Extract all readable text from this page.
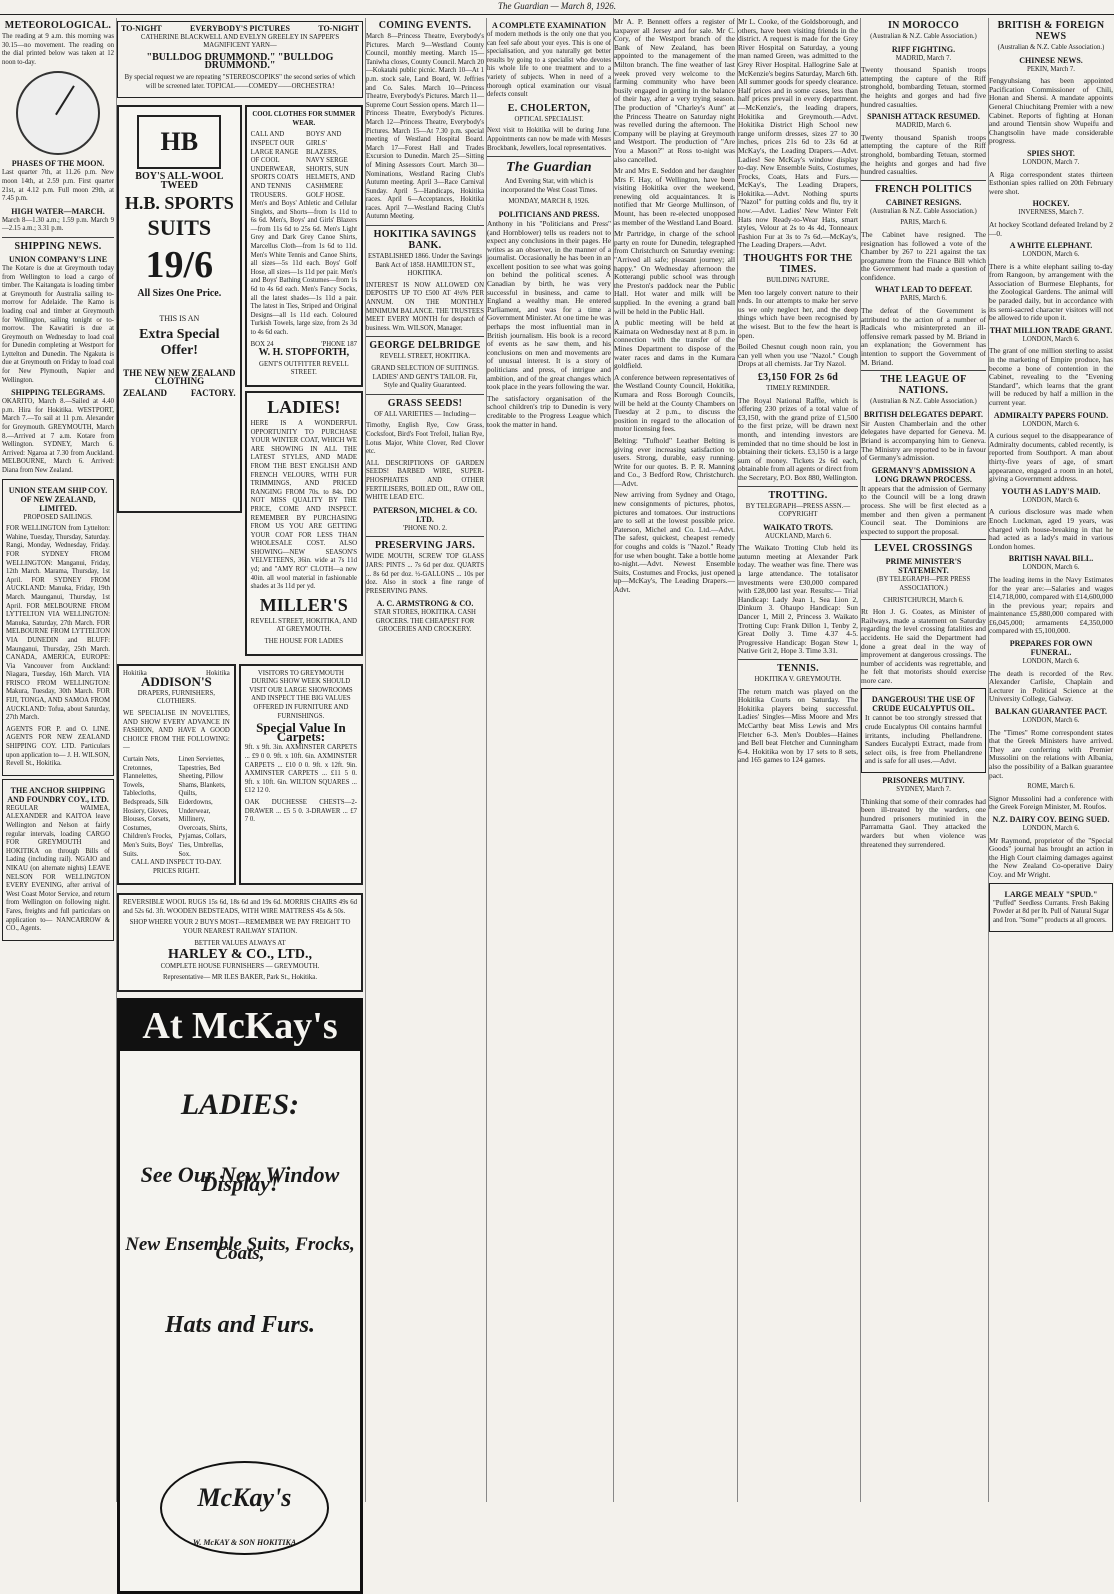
The Guardian — March 8, 1926.
METEOROLOGICAL.

The reading at 9 a.m. this morning was 30.15—no movement. The reading on the dial printed below was taken at 12 noon to-day.

PHASES OF THE MOON.

Last quarter 7th, at 11.26 p.m. New moon 14th, at 2.59 p.m. First quarter 21st, at 4.12 p.m. Full moon 29th, at 7.45 p.m.

HIGH WATER—MARCH.

March 8—1.30 a.m.; 1.59 p.m. March 9—2.15 a.m.; 3.31 p.m.

SHIPPING NEWS.
UNION COMPANY'S LINE

The Kotare is due at Greymouth today from Wellington to load a cargo of timber. The Kaitangata is loading timber at Greymouth for Australia sailing to-morrow for Adelaide. The Kamo is loading coal and timber at Greymouth for Wellington, sailing tonight or to-morrow. The Kawatiri is due at Greymouth on Wednesday to load coal for Dunedin completing at Westport for Lyttelton and Dunedin. The Ngakuta is due at Greymouth on Friday to load coal for New Plymouth, Napier and Wellington.

SHIPPING TELEGRAMS.

OKARITO, March 8.—Sailed at 4.40 p.m. Hira for Hokitika. WESTPORT, March 7.—To sail at 11 p.m. Alexander for Greymouth. GREYMOUTH, March 8.—Arrived at 7 a.m. Kotare from Wellington. SYDNEY, March 6. Arrived: Ngaroa at 7.30 from Auckland. MELBOURNE, March 6. Arrived: Diana from New Zealand.

UNION STEAM SHIP COY. OF NEW ZEALAND, LIMITED.

PROPOSED SAILINGS.

FOR WELLINGTON from Lyttelton: Wahine, Tuesday, Thursday, Saturday. Rangi, Monday, Wednesday, Friday. FOR SYDNEY FROM WELLINGTON: Manganui, Friday, 12th March. Marama, Thursday, 1st April. FOR SYDNEY FROM AUCKLAND: Manuka, Friday, 19th March. Maunganui, Thursday, 1st April. FOR MELBOURNE FROM LYTTELTON VIA WELLINGTON: Manuka, Saturday, 27th March. FOR MELBOURNE FROM LYTTELTON VIA DUNEDIN and BLUFF: Maunganui, Thursday, 25th March. CANADA, AMERICA, EUROPE: Via Vancouver from Auckland: Niagara, Tuesday, 16th March. VIA FRISCO FROM WELLINGTON: Makura, Tuesday, 30th March. FOR FIJI, TONGA, AND SAMOA FROM AUCKLAND: Tofua, about Saturday, 27th March.

AGENTS FOR P. and O. LINE. AGENTS FOR NEW ZEALAND SHIPPING COY. LTD. Particulars upon application to— J. H. WILSON, Revell St., Hokitika.

THE ANCHOR SHIPPING AND FOUNDRY COY., LTD.

REGULAR WAIMEA, ALEXANDER and KAITOA leave Wellington and Nelson at fairly regular intervals, loading CARGO FOR GREYMOUTH and HOKITIKA on through Bills of Lading (including rail). NGAIO and NIKAU (on alternate nights) LEAVE NELSON FOR WELLINGTON EVERY EVENING, after arrival of West Coast Motor Service, and return from Wellington on following night. Fares, freights and full particulars on application to— NANCARROW & CO., Agents.

TO-NIGHT	EVERYBODY'S PICTURES	TO-NIGHT

CATHERINE BLACKWELL AND EVELYN GREELEY IN SAPPER'S MAGNIFICENT YARN—

"BULLDOG DRUMMOND." "BULLDOG DRUMMOND."

By special request we are repeating "STEREOSCOPIKS" the second series of which will be screened later. TOPICAL——COMEDY——ORCHESTRA!

HB

BOY'S ALL-WOOL TWEED

H.B. SPORTS

SUITS

19/6

All Sizes One Price.

THIS IS AN

Extra Special Offer!

THE NEW NEW ZEALAND CLOTHING

ZEALAND	FACTORY.

COOL CLOTHES FOR SUMMER WEAR.

CALL AND INSPECT OUR LARGE RANGE OF COOL UNDERWEAR, SPORTS COATS AND TENNIS TROUSERS.
BOYS' AND GIRLS' BLAZERS, NAVY SERGE SHORTS, SUN HELMETS, AND CASHMERE GOLF HOSE.

Men's and Boys' Athletic and Cellular Singlets, and Shorts—from 1s 11d to 6s 6d. Men's, Boys' and Girls' Blazers—from 11s 6d to 25s 6d. Men's Light Grey and Dark Grey Canoe Shirts, Marcellus Cloth—from 1s 6d to 11d. Men's White Tennis and Canoe Shirts, all sizes—5s 11d each. Boys' Golf Hose, all sizes—1s 11d per pair. Men's and Boys' Bathing Costumes—from 1s 6d to 4s 6d each. Men's Fancy Socks, all the latest shades—1s 11d a pair. The latest in Ties, Striped and Original Designs—all 1s 11d each. Coloured Turkish Towels, large size, from 2s 3d to 4s 6d each.

BOX 24	'PHONE 187

W. H. STOPFORTH,

GENT'S OUTFITTER REVELL STREET.

LADIES!

HERE IS A WONDERFUL OPPORTUNITY TO PURCHASE YOUR WINTER COAT, WHICH WE ARE SHOWING IN ALL THE LATEST STYLES, AND MADE FROM THE BEST ENGLISH AND FRENCH VELOURS, WITH FUR TRIMMINGS, AND PRICED RANGING FROM 70s. to 84s. DO NOT MISS QUALITY BY THE PRICE, COME AND INSPECT. REMEMBER BY PURCHASING FROM US YOU ARE GETTING YOUR COAT FOR LESS THAN WHOLESALE COST. ALSO SHOWING—NEW SEASON'S VELVETEENS, 36in. wide at 7s 11d yd; and "AMY RO" CLOTH—a new 40in. all wool material in fashionable shades at 3s 11d per yd.

MILLER'S

REVELL STREET, HOKITIKA, AND AT GREYMOUTH.

THE HOUSE FOR LADIES

Hokitika	Hokitika

ADDISON'S

DRAPERS, FURNISHERS, CLOTHIERS.

WE SPECIALISE IN NOVELTIES, AND SHOW EVERY ADVANCE IN FASHION, AND HAVE A GOOD CHOICE FROM THE FOLLOWING:—

Curtain Nets, Cretonnes, Flannelettes, Towels, Tablecloths, Bedspreads, Silk Hosiery, Gloves, Blouses, Corsets, Costumes, Children's Frocks, Men's Suits, Boys' Suits.
Linen Serviettes, Tapestries, Bed Sheeting, Pillow Shams, Blankets, Quilts, Eiderdowns, Underwear, Millinery, Overcoats, Shirts, Pyjamas, Collars, Ties, Umbrellas, Sox.

CALL AND INSPECT TO-DAY. PRICES RIGHT.

VISITORS TO GREYMOUTH DURING SHOW WEEK SHOULD VISIT OUR LARGE SHOWROOMS AND INSPECT THE BIG VALUES OFFERED IN FURNITURE AND FURNISHINGS.

Special Value In Carpets:

9ft. x 9ft. 3in. AXMINSTER CARPETS ... £9 0 0. 9ft. x 10ft. 6in. AXMINSTER CARPETS ... £10 0 0. 9ft. x 12ft. 9in. AXMINSTER CARPETS ... £11 5 0. 9ft. x 10ft. 6in. WILTON SQUARES ... £12 12 0.

OAK DUCHESSE CHESTS—2-DRAWER ... £5 5 0. 3-DRAWER ... £7 7 0.

REVERSIBLE WOOL RUGS 15s 6d, 18s 6d and 19s 6d. MORRIS CHAIRS 49s 6d and 52s 6d. 3ft. WOODEN BEDSTEADS, WITH WIRE MATTRESS 45s & 50s.

SHOP WHERE YOUR 2 BUYS MOST—REMEMBER WE PAY FREIGHT TO YOUR NEAREST RAILWAY STATION.

BETTER VALUES ALWAYS AT

HARLEY & CO., LTD.,

COMPLETE HOUSE FURNISHERS — GREYMOUTH.

Representative— MR ILES BAKER, Park St., Hokitika.

At McKay's
LADIES:
See Our New Window Display!
New Ensemble Suits, Frocks, Coats,
Hats and Furs.
McKay's
W. McKAY & SON HOKITIKA
COMING EVENTS.

March 8—Princess Theatre, Everybody's Pictures. March 9—Westland County Council, monthly meeting. March 15—Taniwha closes, County Council. March 20—Kokatahi public picnic. March 10—At 1 p.m. stock sale, Land Board, W. Jeffries and Co. Sales. March 10—Princess Theatre, Everybody's Pictures. March 11—Supreme Court Session opens. March 11—Princess Theatre, Everybody's Pictures. March 12—Princess Theatre, Everybody's Pictures. March 15—At 7.30 p.m. special meeting of Westland Hospital Board. March 17—Forest Hall and Trades Excursion to Dunedin. March 25—Sitting of Mining Assessors Court. March 30—Nominations, Westland Racing Club's Autumn meeting. April 3—Race Carnival Sunday. April 5—Handicaps, Hokitika races. April 6—Acceptances, Hokitika races. April 7—Westland Racing Club's Autumn Meeting.

HOKITIKA SAVINGS BANK.

ESTABLISHED 1866. Under the Savings Bank Act of 1858. HAMILTON ST., HOKITIKA.

INTEREST IS NOW ALLOWED ON DEPOSITS UP TO £500 AT 4½% PER ANNUM. ON THE MONTHLY MINIMUM BALANCE. THE TRUSTEES MEET EVERY MONTH for despatch of business. Wm. WILSON, Manager.

GEORGE DELBRIDGE

REVELL STREET, HOKITIKA.

GRAND SELECTION OF SUITINGS. LADIES' AND GENT'S TAILOR. Fit, Style and Quality Guaranteed.

GRASS SEEDS!

OF ALL VARIETIES — Including—

Timothy, English Rye, Cow Grass, Cocksfoot, Bird's Foot Trefoil, Italian Rye, Lotus Major, White Clover, Red Clover etc.

ALL DESCRIPTIONS OF GARDEN SEEDS! BARBED WIRE, SUPER-PHOSPHATES AND OTHER FERTILISERS, BOILED OIL, RAW OIL, WHITE LEAD ETC.

PATERSON, MICHEL & CO. LTD.

'PHONE NO. 2.

PRESERVING JARS.

WIDE MOUTH, SCREW TOP GLASS JARS: PINTS ... 7s 6d per doz. QUARTS ... 8s 6d per doz. ½-GALLONS ... 10s per doz. Also in stock a fine range of PRESERVING PANS.

A. C. ARMSTRONG & CO.

STAR STORES, HOKITIKA. CASH GROCERS. THE CHEAPEST FOR GROCERIES AND CROCKERY.

A COMPLETE EXAMINATION

of modern methods is the only one that you can feel safe about your eyes. This is one of specialisation, and you naturally get better results by going to a specialist who devotes his whole life to one treatment and to a variety of subjects. When in need of a thorough optical examination our visual defects consult

E. CHOLERTON,

OPTICAL SPECIALIST.

Next visit to Hokitika will be during June. Appointments can now be made with Messrs Brockbank, Jewellers, local representatives.

The Guardian

And Evening Star, with which is incorporated the West Coast Times.

MONDAY, MARCH 8, 1926.

POLITICIANS AND PRESS.

Anthony in his "Politicians and Press" (and Hornblower) tells us readers not to expect any conclusions in their pages. He writes as an observer, in the manner of a journalist. Occasionally he has been in an excellent position to see what was going on behind the political scenes. A Canadian by birth, he was very successful in business, and came to England a wealthy man. He entered Parliament, and was for a time a Government Minister. At one time he was perhaps the most influential man in British journalism. His book is a record of events as he saw them, and his conclusions on men and movements are of unusual interest. It is a story of politicians and press, of intrigue and ambition, and of the great changes which took place in the years following the war.

The satisfactory organisation of the school children's trip to Dunedin is very creditable to the Progress League which took the matter in hand.

Mr A. P. Bennett offers a register of taxpayer all Jersey and for sale. Mr C. Cory, of the Westport branch of the Bank of New Zealand, has been appointed to the management of the Milton branch. The fine weather of last week proved very welcome to the farming community who have been busily engaged in getting in the balance of their hay, after a very trying season. The production of "Charley's Aunt" at the Princess Theatre on Saturday night was revelled during the afternoon. The Company will be playing at Greymouth and Westport. The production of "Are You a Mason?" at Ross to-night was also cancelled.

Mr and Mrs E. Seddon and her daughter Mrs F. Hay, of Wellington, have been visiting Hokitika over the weekend, renewing old acquaintances. It is notified that Mr George Mullinson, of Mount, has been re-elected unopposed as member of the Westland Land Board.

Mr Partridge, in charge of the school party en route for Dunedin, telegraphed from Christchurch on Saturday evening: "Arrived all safe; pleasant journey; all happy." On Wednesday afternoon the Kotterangi public school was through the Preston's paddock near the Public Hall. Hot water and milk will be supplied. In the evening a grand ball will be held in the Public Hall.

A public meeting will be held at Kaimata on Wednesday next at 8 p.m. in connection with the transfer of the Mines Department to dispose of the water races and dams in the Kumara goldfield.

A conference between representatives of the Westland County Council, Hokitika, Kumara and Ross Borough Councils, will be held at the County Chambers on Tuesday at 2 p.m., to discuss the position in regard to the allocation of motor licensing fees.

Belting: "Tufhold" Leather Belting is giving ever increasing satisfaction to users. Strong, durable, easy running. Write for our quotes. B. P. R. Manning and Co., 3 Bedford Row, Christchurch.—Advt.

New arriving from Sydney and Otago, new consignments of pictures, photos, pictures and tomatoes. Our instructions are to sell at the lowest possible price. Paterson, Michel and Co. Ltd.—Advt. The safest, quickest, cheapest remedy for coughs and colds is "Nazol." Ready for use when bought. Take a bottle home to-night.—Advt. Newest Ensemble Suits, Costumes and Frocks, just opened up—McKay's, The Leading Drapers.—Advt.

Mr L. Cooke, of the Goldsborough, and others, have been visiting friends in the district. A request is made for the Grey River Hospital on Saturday, a young man named Green, was admitted to the Grey River Hospital. Hallogrine Sale at McKenzie's begins Saturday, March 6th. All summer goods for speedy clearance. Half prices and in some cases, less than half prices prevail in every department.—McKenzie's, the leading drapers, Hokitika and Greymouth.—Advt. Hokitika District High School new range uniform dresses, sizes 27 to 30 inches, prices 21s 6d to 23s 6d at McKay's, the Leading Drapers.—Advt. Ladies! See McKay's window display to-day. New Ensemble Suits, Costumes, Frocks, Coats, Hats and Furs.—McKay's, The Leading Drapers, Hokitika.—Advt. Nothing spurts "Nazol" for putting colds and flu, try it now.—Advt. Ladies' New Winter Felt Hats now Ready-to-Wear Hats, smart styles, Velour at 2s to 4s 4d, Tonneaux Fashion Fur at 3s to 7s 6d.—McKay's, The Leading Drapers.—Advt.

THOUGHTS FOR THE TIMES.

BUILDING NATURE.

Men too largely convert nature to their ends. In our attempts to make her serve us we only neglect her, and the deep things which have been recognised by the wisest. But to the few the heart is open.

Boiled Chesnut cough noon rain, you can yell when you use "Nazol." Cough Drops at all chemists. Jar Try Nazol.

£3,150 FOR 2s 6d

TIMELY REMINDER.

The Royal National Raffle, which is offering 230 prizes of a total value of £3,150, with the grand prize of £1,500 to the first prize, will be drawn next month, and intending investors are reminded that no time should be lost in obtaining their tickets. £3,150 is a large sum of money. Tickets 2s 6d each, obtainable from all agents or direct from the Secretary, P.O. Box 880, Wellington.

TROTTING.

BY TELEGRAPH—PRESS ASSN.—COPYRIGHT

WAIKATO TROTS.

AUCKLAND, March 6.

The Waikato Trotting Club held its autumn meeting at Alexander Park today. The weather was fine. There was a large attendance. The totalisator investments were £30,000 compared with £28,000 last year. Results:— Trial Handicap: Lady Jean 1, Sea Lion 2, Dinkum 3. Ohaupo Handicap: Sun Dancer 1, Mill 2, Princess 3. Waikato Trotting Cup: Frank Dillon 1, Tenby 2, Great Dolly 3. Time 4.37 4-5. Progressive Handicap: Bogan Stew 1, Native Grit 2, Hope 3. Time 3.31.

TENNIS.

HOKITIKA V. GREYMOUTH.

The return match was played on the Hokitika Courts on Saturday. The Hokitika players being successful. Ladies' Singles—Miss Moore and Mrs McCarthy beat Miss Lewis and Mrs Fletcher 6-3. Men's Doubles—Haines and Bell beat Fletcher and Cunningham 6-4. Hokitika won by 17 sets to 8 sets, and 165 games to 124 games.

IN MOROCCO

(Australian & N.Z. Cable Association.)

RIFF FIGHTING.

MADRID, March 7.

Twenty thousand Spanish troops attempting the capture of the Riff stronghold, bombarding Tetuan, stormed the heights and gorges and had five hundred casualties.

SPANISH ATTACK RESUMED.

MADRID, March 6.

Twenty thousand Spanish troops attempting the capture of the Riff stronghold, bombarding Tetuan, stormed the heights and gorges and had five hundred casualties.

FRENCH POLITICS
CABINET RESIGNS.

(Australian & N.Z. Cable Association.)

PARIS, March 6.

The Cabinet have resigned. The resignation has followed a vote of the Chamber by 267 to 221 against the tax programme from the Finance Bill which the Government had made a question of confidence.

WHAT LEAD TO DEFEAT.

PARIS, March 6.

The defeat of the Government is attributed to the action of a number of Radicals who misinterpreted an ill-offensive remark passed by M. Briand in an explanation; the Government has intention to support the Government of M. Briand.

THE LEAGUE OF NATIONS.

(Australian & N.Z. Cable Association.)

BRITISH DELEGATES DEPART.

Sir Austen Chamberlain and the other delegates have departed for Geneva. M. Briand is accompanying him to Geneva. The Ministry are reported to be in favour of Germany's admission.

GERMANY'S ADMISSION A LONG DRAWN PROCESS.

It appears that the admission of Germany to the Council will be a long drawn process. She will be first elected as a member and then given a permanent Council seat. The Dominions are expected to support the proposal.

LEVEL CROSSINGS
PRIME MINISTER'S STATEMENT.

(BY TELEGRAPH—PER PRESS ASSOCIATION.)

CHRISTCHURCH, March 6.

Rt Hon J. G. Coates, as Minister of Railways, made a statement on Saturday regarding the level crossing fatalities and accidents. He said the Department had done a great deal in the way of improvement at dangerous crossings. The number of accidents was regrettable, and he felt that motorists should exercise more care.

DANGEROUS! THE USE OF CRUDE EUCALYPTUS OIL.

It cannot be too strongly stressed that crude Eucalyptus Oil contains harmful irritants, including Phellandrene. Sanders Eucalypti Extract, made from select oils, is free from Phellandrene and is safe for all uses.—Advt.

PRISONERS MUTINY.

SYDNEY, March 7.

Thinking that some of their comrades had been ill-treated by the warders, one hundred prisoners mutinied in the Parramatta Gaol. They attacked the warders but when violence was threatened they surrendered.

BRITISH & FOREIGN NEWS

(Australian & N.Z. Cable Association.)

CHINESE NEWS.

PEKIN, March 7.

Fengyuhsiang has been appointed Pacification Commissioner of Chili, Honan and Shensi. A mandate appoints General Chiuchitang Premier with a new Cabinet. Reports of fighting at Honan and around Tientsin show Wupeifu and Changtsolin have made considerable progress.

SPIES SHOT.

LONDON, March 7.

A Riga correspondent states thirteen Esthonian spies rallied on 20th February were shot.

HOCKEY.

INVERNESS, March 7.

At hockey Scotland defeated Ireland by 2—0.

A WHITE ELEPHANT.

LONDON, March 6.

There is a white elephant sailing to-day from Rangoon, by arrangement with the Association of Burmese Elephants, for the Zoological Gardens. The animal will be paraded daily, but in accordance with its semi-sacred character visitors will not be allowed to ride upon it.

THAT MILLION TRADE GRANT.

LONDON, March 6.

The grant of one million sterling to assist in the marketing of Empire produce, has become a bone of contention in the Cabinet, revealing to the "Evening Standard", which learns that the grant will be reduced by half a million in the current year.

ADMIRALTY PAPERS FOUND.

LONDON, March 6.

A curious sequel to the disappearance of Admiralty documents, cabled recently, is reported from Southport. A man about thirty-five years of age, of smart appearance, engaged a room in an hotel, giving a Government address.

YOUTH AS LADY'S MAID.

LONDON, March 6.

A curious disclosure was made when Enoch Luckman, aged 19 years, was charged with house-breaking in that he had acted as a lady's maid in various London homes.

BRITISH NAVAL BILL.

LONDON, March 6.

The leading items in the Navy Estimates for the year are:—Salaries and wages £14,718,000, compared with £14,600,000 in the previous year; repairs and maintenance £5,880,000 compared with £6,045,000; armaments £4,350,000 compared with £5,100,000.

PREPARES FOR OWN FUNERAL.

LONDON, March 6.

The death is recorded of the Rev. Alexander Carlisle, Chaplain and Lecturer in Political Science at the University College, Galway.

BALKAN GUARANTEE PACT.

LONDON, March 6.

The "Times" Rome correspondent states that the Greek Ministers have arrived. They are conferring with Premier Mussolini on the relations with Albania, also the possibility of a Balkan guarantee pact.

ROME, March 6.

Signor Mussolini had a conference with the Greek Foreign Minister, M. Roufos.

N.Z. DAIRY COY. BEING SUED.

LONDON, March 6.

Mr Raymond, proprietor of the "Special Goods" journal has brought an action in the High Court claiming damages against the New Zealand Co-operative Dairy Coy. and Mr Wright.

LARGE MEALY "SPUD."

"Puffed" Seedless Currants. Fresh Baking Powder at 8d per lb. Pull of Natural Sugar and Iron. "Some"" products at all grocers.
